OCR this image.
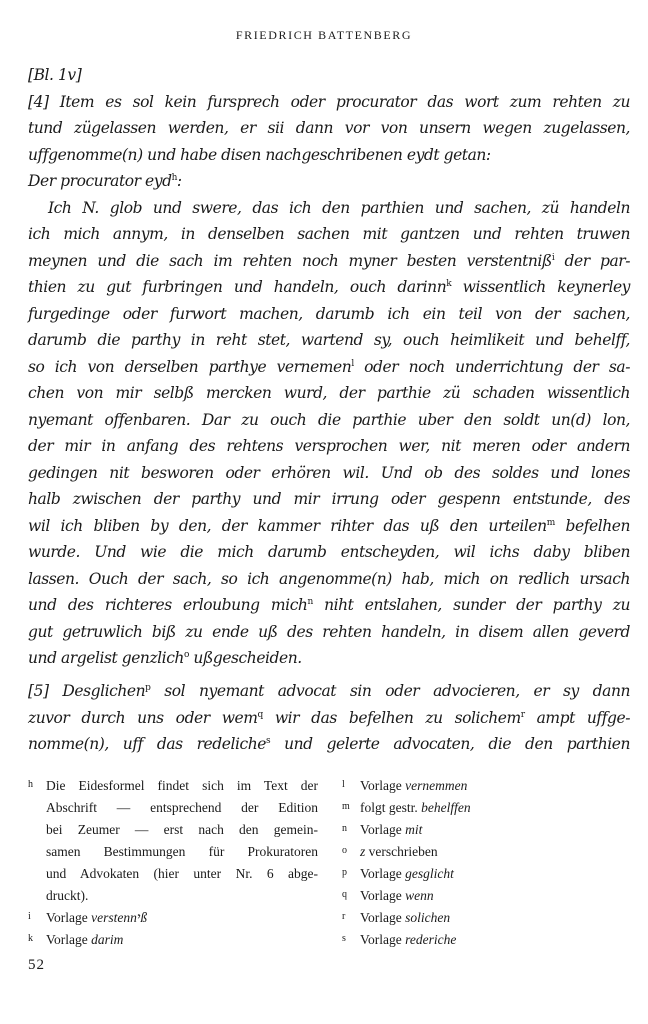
FRIEDRICH BATTENBERG
[Bl. 1v]
[4] Item es sol kein fursprech oder procurator das wort zum rehten zu
tund zügelassen werden, er sii dann vor von unsern wegen zugelassen,
uffgenomme(n) und habe disen nachgeschribenen eydt getan:
Der procurator eyd$^h$:
Ich N. glob und swere, das ich den parthien und sachen, zü handeln
ich mich annym, in denselben sachen mit gantzen und rehten truwen
meynen und die sach im rehten noch myner besten verstentniß$^i$ der par-
thien zu gut furbringen und handeln, ouch darinn$^k$ wissentlich keynerley
furgedinge oder furwort machen, darumb ich ein teil von der sachen,
darumb die parthy in reht stet, wartend sy, ouch heimlikeit und behelff,
so ich von derselben parthye vernemen$^l$ oder noch underrichtung der sa-
chen von mir selbß mercken wurd, der parthie zü schaden wissentlich
nyemant offenbaren. Dar zu ouch die parthie uber den soldt un(d) lon,
der mir in anfang des rehtens versprochen wer, nit meren oder andern
gedingen nit besworen oder erhören wil. Und ob des soldes und lones
halb zwischen der parthy und mir irrung oder gespenn entstunde, des
wil ich bliben by den, der kammer rihter das uß den urteilen$^m$ befelhen
wurde. Und wie die mich darumb entscheyden, wil ichs daby bliben
lassen. Ouch der sach, so ich angenomme(n) hab, mich on redlich ursach
und des richteres erloubung mich$^n$ niht entslahen, sunder der parthy zu
gut getruwlich biß zu ende uß des rehten handeln, in disem allen geverd
und argelist genzlich$^o$ ußgescheiden.
[5] Desglichen$^p$ sol nyemant advocat sin oder advocieren, er sy dann
zuvor durch uns oder wem$^q$ wir das befelhen zu solichem$^r$ ampt uffge-
nomme(n), uff das redeliche$^s$ und gelerte advocaten, die den parthien
h Die Eidesformel findet sich im Text der
Abschrift — entsprechend der Edition
bei Zeumer — erst nach den gemein-
samen Bestimmungen für Prokuratoren
und Advokaten (hier unter Nr. 6 abge-
druckt).
i Vorlage verstennיß
k Vorlage darim
l Vorlage vernemmen
m folgt gestr. behelffen
n Vorlage mit
o z verschrieben
p Vorlage gesglicht
q Vorlage wenn
r Vorlage solichen
s Vorlage rederiche
52
